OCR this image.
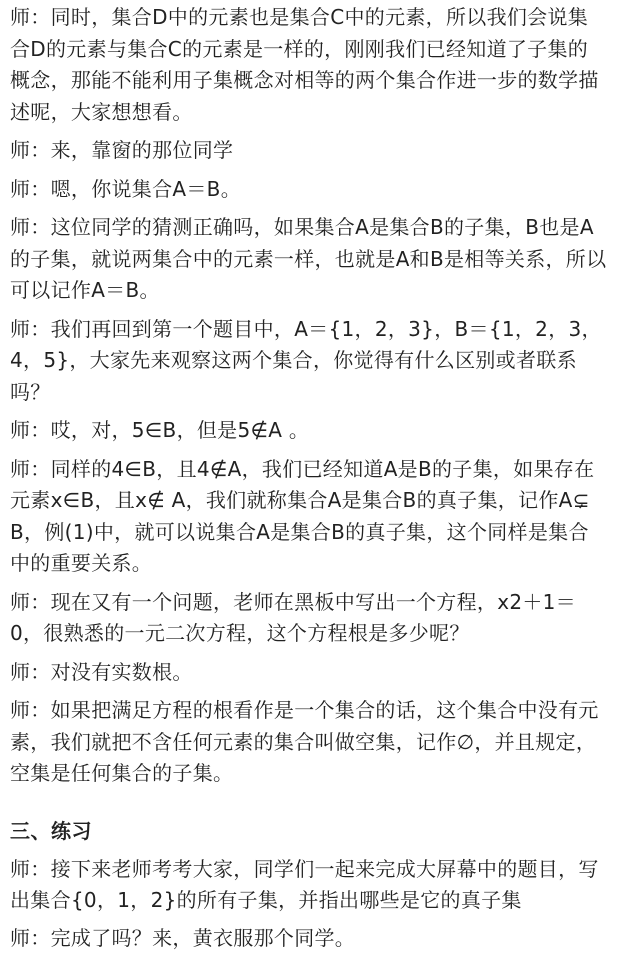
师：同时，集合D中的元素也是集合C中的元素，所以我们会说集合D的元素与集合C的元素是一样的，刚刚我们已经知道了子集的概念，那能不能利用子集概念对相等的两个集合作进一步的数学描述呢，大家想想看。

师：来，靠窗的那位同学

师：嗯，你说集合A＝B。

师：这位同学的猜测正确吗，如果集合A是集合B的子集，B也是A的子集，就说两集合中的元素一样，也就是A和B是相等关系，所以可以记作A＝B。

师：我们再回到第一个题目中，A＝{1，2，3}，B＝{1，2，3，4，5}，大家先来观察这两个集合，你觉得有什么区别或者联系吗？

师：哎，对，5∈B，但是5∉A 。

师：同样的4∈B，且4∉A，我们已经知道A是B的子集，如果存在元素x∈B，且x∉ A，我们就称集合A是集合B的真子集，记作A⊊B，例(1)中，就可以说集合A是集合B的真子集，这个同样是集合中的重要关系。

师：现在又有一个问题，老师在黑板中写出一个方程，x2＋1＝0，很熟悉的一元二次方程，这个方程根是多少呢？

师：对没有实数根。

师：如果把满足方程的根看作是一个集合的话，这个集合中没有元素，我们就把不含任何元素的集合叫做空集，记作∅，并且规定，空集是任何集合的子集。

三、练习

师：接下来老师考考大家，同学们一起来完成大屏幕中的题目，写出集合{0，1，2}的所有子集，并指出哪些是它的真子集

师：完成了吗？来，黄衣服那个同学。
